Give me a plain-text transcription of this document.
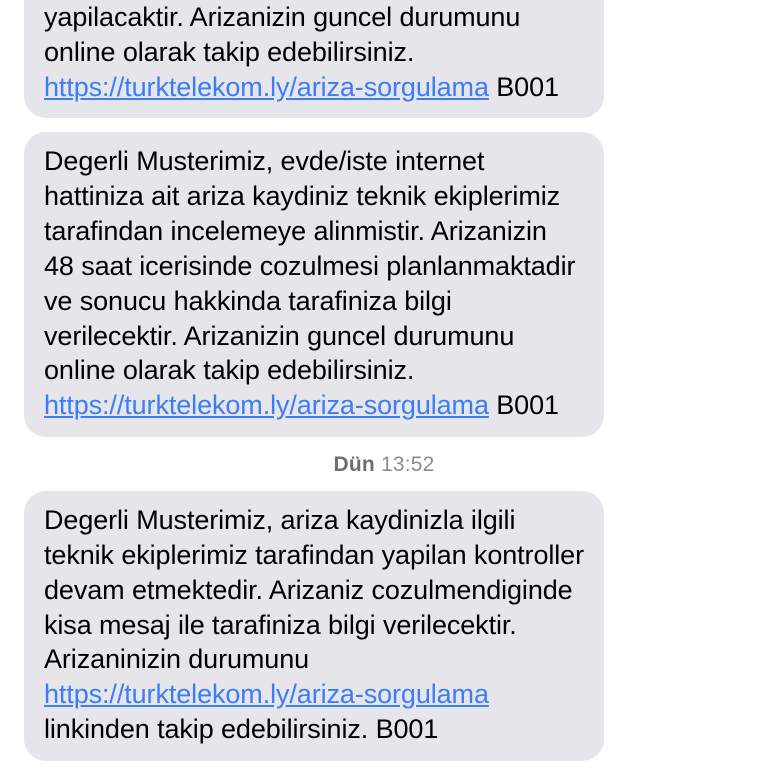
yapilacaktir. Arizanizin guncel durumunu online olarak takip edebilirsiniz. https://turktelekom.ly/ariza-sorgulama B001
Degerli Musterimiz, evde/iste internet hattiniza ait ariza kaydiniz teknik ekiplerimiz tarafindan incelemeye alinmistir. Arizanizin 48 saat icerisinde cozulmesi planlanmaktadir ve sonucu hakkinda tarafiniza bilgi verilecektir. Arizanizin guncel durumunu online olarak takip edebilirsiniz. https://turktelekom.ly/ariza-sorgulama B001
Dün 13:52
Degerli Musterimiz, ariza kaydinizla ilgili teknik ekiplerimiz tarafindan yapilan kontroller devam etmektedir. Arizaniz cozulmendiginde kisa mesaj ile tarafiniza bilgi verilecektir. Arizaninizin durumunu https://turktelekom.ly/ariza-sorgulama linkinden takip edebilirsiniz. B001
